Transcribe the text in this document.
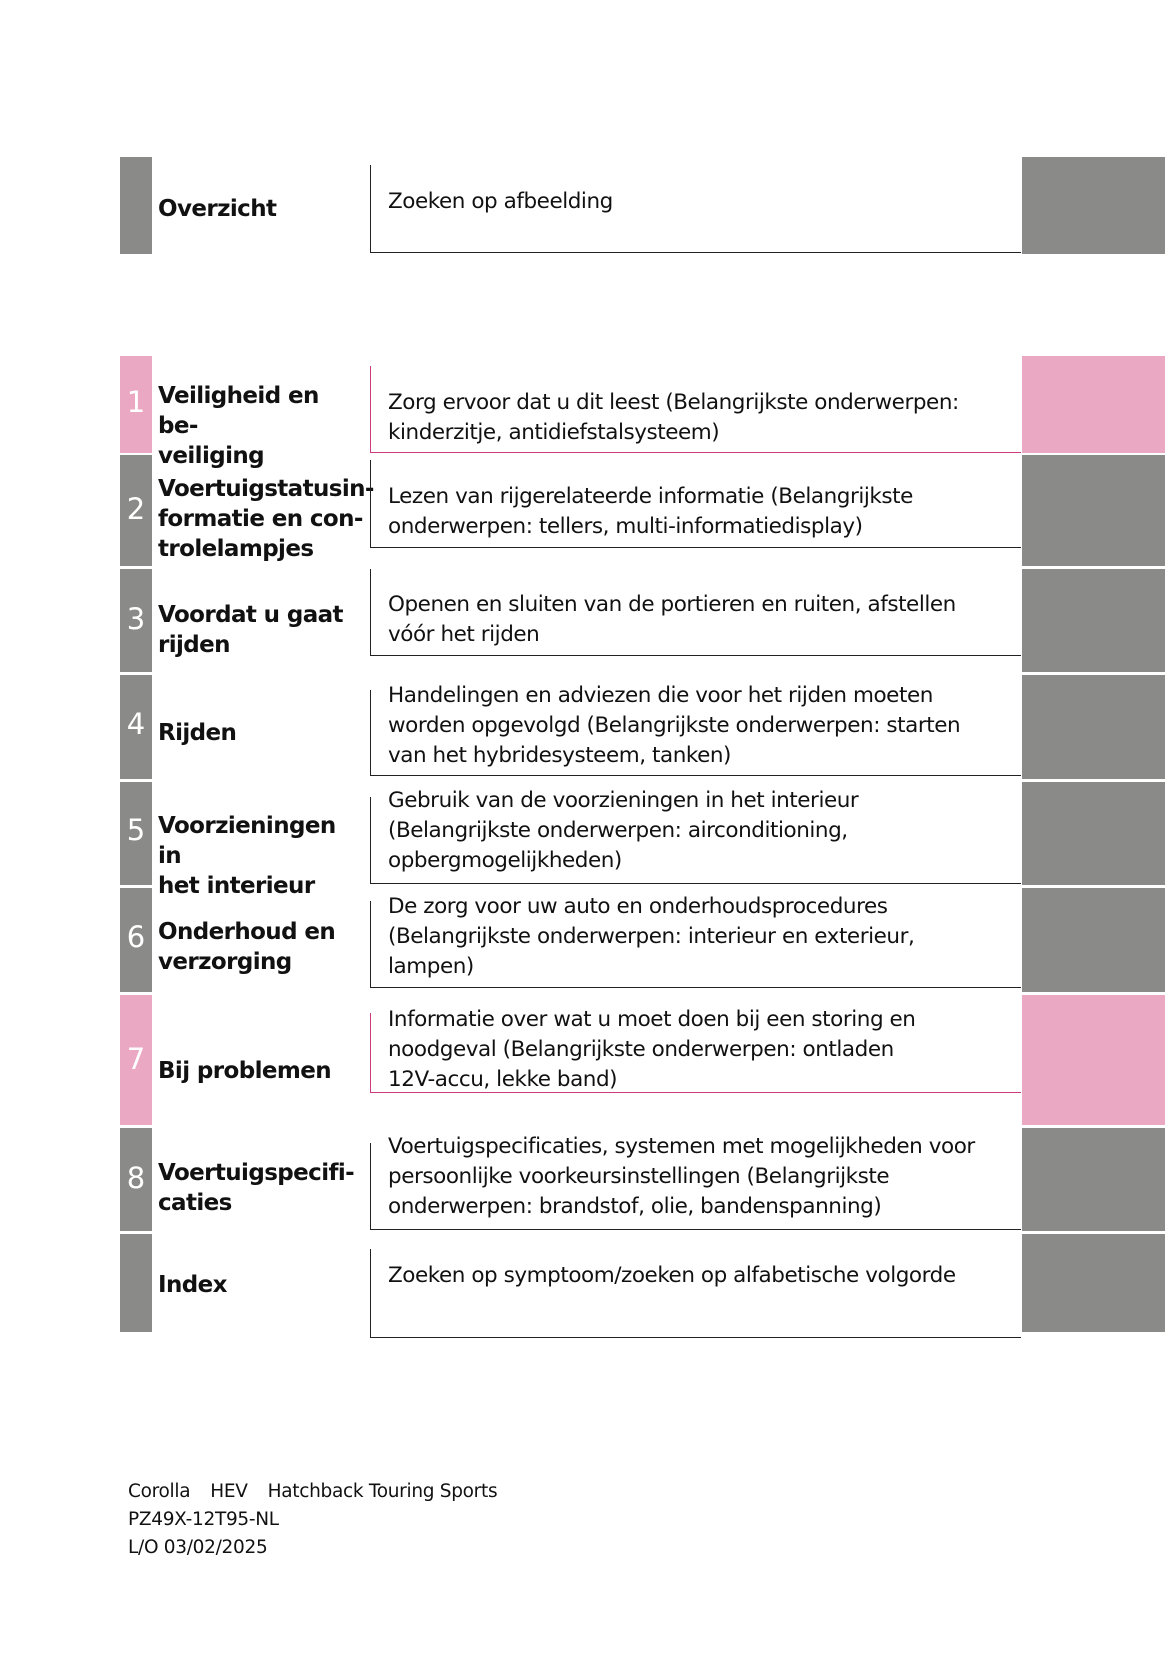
Overzicht	Zoeken op afbeelding
1 Veiligheid en be-
veiliging
Zorg ervoor dat u dit leest (Belangrijkste onderwerpen:
kinderzitje, antidiefstalsysteem)
2
Voertuigstatusin-
formatie en con-
trolelampjes
Lezen van rijgerelateerde informatie (Belangrijkste
onderwerpen: tellers, multi-informatiedisplay)
3 Voordat u gaat
rijden
Openen en sluiten van de portieren en ruiten, afstellen
vóór het rijden
4 Rijden
Handelingen en adviezen die voor het rijden moeten
worden opgevolgd (Belangrijkste onderwerpen: starten
van het hybridesysteem, tanken)
5 Voorzieningen in
het interieur
Gebruik van de voorzieningen in het interieur
(Belangrijkste onderwerpen: airconditioning,
opbergmogelijkheden)
6 Onderhoud en
verzorging
De zorg voor uw auto en onderhoudsprocedures
(Belangrijkste onderwerpen: interieur en exterieur,
lampen)
7 Bij problemen
Informatie over wat u moet doen bij een storing en
noodgeval (Belangrijkste onderwerpen: ontladen
12V-accu, lekke band)
8 Voertuigspecifi-
caties
Voertuigspecificaties, systemen met mogelijkheden voor
persoonlijke voorkeursinstellingen (Belangrijkste
onderwerpen: brandstof, olie, bandenspanning)
Index	Zoeken op symptoom/zoeken op alfabetische volgorde
Corolla HEV Hatchback Touring Sports
PZ49X-12T95-NL
L/O 03/02/2025
